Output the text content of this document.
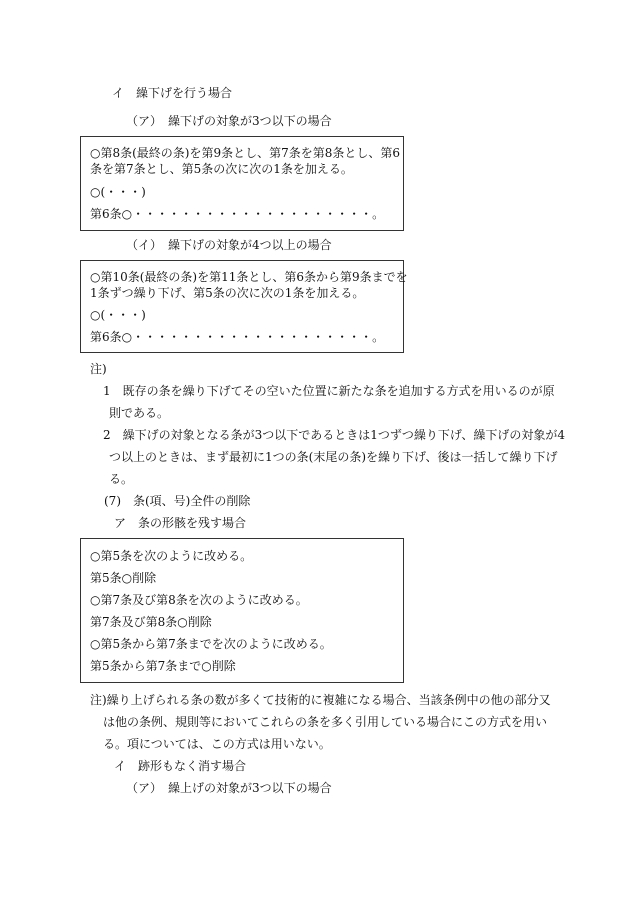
イ　繰下げを行う場合
（ア）　繰下げの対象が3つ以下の場合
○第8条(最終の条)を第9条とし、第7条を第8条とし、第6
条を第7条とし、第5条の次に次の1条を加える。
○(・・・)
第6条○・・・・・・・・・・・・・・・・・・・・。
（イ）　繰下げの対象が4つ以上の場合
○第10条(最終の条)を第11条とし、第6条から第9条までを
1条ずつ繰り下げ、第5条の次に次の1条を加える。
○(・・・)
第6条○・・・・・・・・・・・・・・・・・・・・。
注)
1　既存の条を繰り下げてその空いた位置に新たな条を追加する方式を用いるのが原
則である。
2　繰下げの対象となる条が3つ以下であるときは1つずつ繰り下げ、繰下げの対象が4
つ以上のときは、まず最初に1つの条(末尾の条)を繰り下げ、後は一括して繰り下げ
る。
(7)　条(項、号)全件の削除
ア　条の形骸を残す場合
○第5条を次のように改める。
第5条○削除
○第7条及び第8条を次のように改める。
第7条及び第8条○削除
○第5条から第7条までを次のように改める。
第5条から第7条まで○削除
注)繰り上げられる条の数が多くて技術的に複雑になる場合、当該条例中の他の部分又
は他の条例、規則等においてこれらの条を多く引用している場合にこの方式を用い
る。項については、この方式は用いない。
イ　跡形もなく消す場合
（ア）　繰上げの対象が3つ以下の場合
